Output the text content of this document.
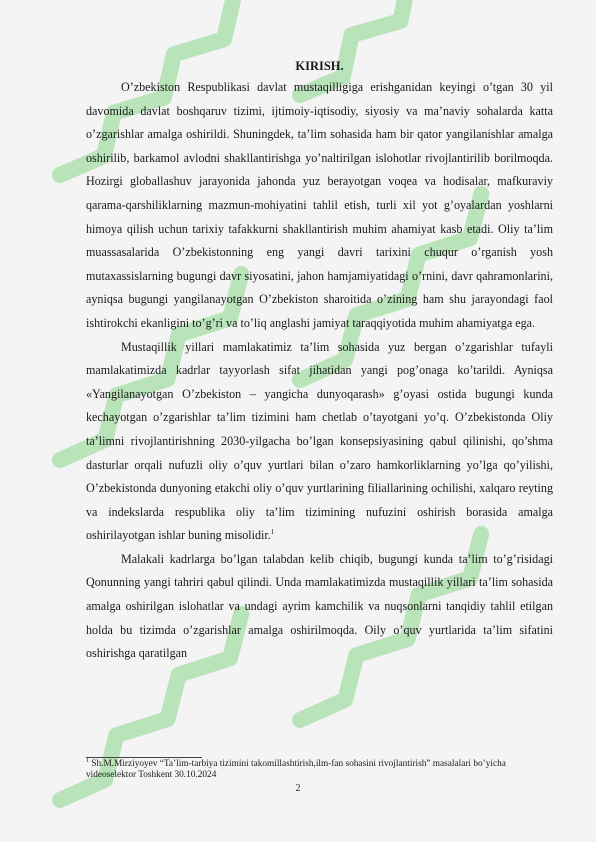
KIRISH.

O’zbekiston Respublikasi davlat mustaqilligiga erishganidan keyingi o’tgan 30 yil davomida davlat boshqaruv tizimi, ijtimoiy-iqtisodiy, siyosiy va ma’naviy sohalarda katta o’zgarishlar amalga oshirildi. Shuningdek, ta’lim sohasida ham bir qator yangilanishlar amalga oshirilib, barkamol avlodni shakllantirishga yo’naltirilgan islohotlar rivojlantirilib borilmoqda. Hozirgi globallashuv jarayonida jahonda yuz berayotgan voqea va hodisalar, mafkuraviy qarama-qarshiliklarning mazmun-mohiyatini tahlil etish, turli xil yot g’oyalardan yoshlarni himoya qilish uchun tarixiy tafakkurni shakllantirish muhim ahamiyat kasb etadi. Oliy ta’lim muassasalarida O’zbekistonning eng yangi davri tarixini chuqur o’rganish yosh mutaxassislarning bugungi davr siyosatini, jahon hamjamiyatidagi o’rnini, davr qahramonlarini, ayniqsa bugungi yangilanayotgan O’zbekiston sharoitida o’zining ham shu jarayondagi faol ishtirokchi ekanligini to’g’ri va to’liq anglashi jamiyat taraqqiyotida muhim ahamiyatga ega.

Mustaqillik yillari mamlakatimiz ta’lim sohasida yuz bergan o’zgarishlar tufayli mamlakatimizda kadrlar tayyorlash sifat jihatidan yangi pog’onaga ko’tarildi. Ayniqsa «Yangilanayotgan O’zbekiston – yangicha dunyoqarash» g’oyasi ostida bugungi kunda kechayotgan o’zgarishlar ta’lim tizimini ham chetlab o’tayotgani yo’q. O’zbekistonda Oliy ta’limni rivojlantirishning 2030-yilgacha bo’lgan konsepsiyasining qabul qilinishi, qo’shma dasturlar orqali nufuzli oliy o’quv yurtlari bilan o’zaro hamkorliklarning yo’lga qo’yilishi, O’zbekistonda dunyoning etakchi oliy o’quv yurtlarining filiallarining ochilishi, xalqaro reyting va indekslarda respublika oliy ta’lim tizimining nufuzini oshirish borasida amalga oshirilayotgan ishlar buning misolidir.$^1$

Malakali kadrlarga bo’lgan talabdan kelib chiqib, bugungi kunda ta’lim to’g’risidagi Qonunning yangi tahriri qabul qilindi. Unda mamlakatimizda mustaqillik yillari ta’lim sohasida amalga oshirilgan islohatlar va undagi ayrim kamchilik va nuqsonlarni tanqidiy tahlil etilgan holda bu tizimda o’zgarishlar amalga oshirilmoqda. Oily o’quv yurtlarida ta’lim sifatini oshirishga qaratilgan

$^1$ Sh.M.Mirziyoyev “Ta’lim-tarbiya tizimini takomillashtirish,ilm-fan sohasini rivojlantirish” masalalari bo’yicha videoselektor Toshkent 30.10.2024
2
